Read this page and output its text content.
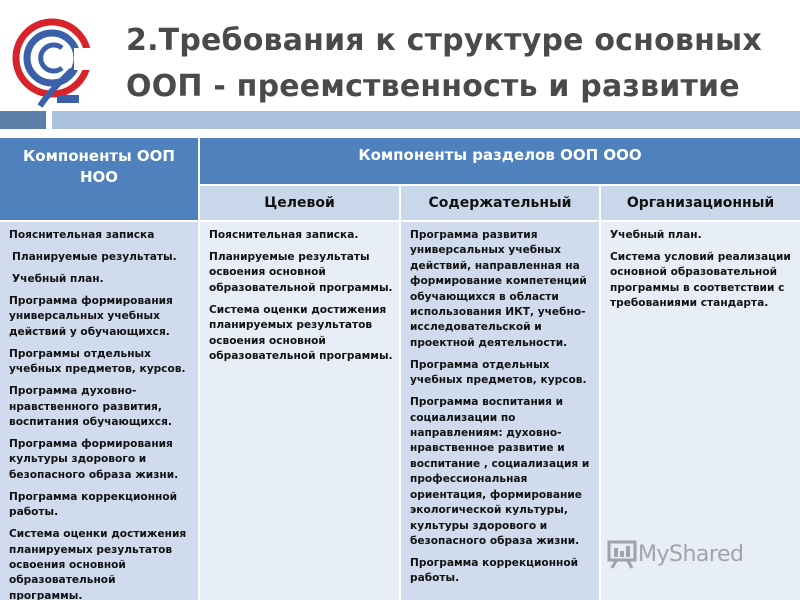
2.Требования к структуре основных
ООП - преемственность и развитие
Компоненты ООП
НОО
Компоненты разделов ООП ООО
Целевой	Содержательный	Организационный

Пояснительная записка

Планируемые результаты.

Учебный план.

Программа формирования универсальных учебных действий у обучающихся.

Программы отдельных учебных предметов, курсов.

Программа духовно-нравственного развития, воспитания обучающихся.

Программа формирования культуры здорового и безопасного образа жизни.

Программа коррекционной работы.

Система оценки достижения планируемых результатов освоения основной образовательной программы.

Пояснительная записка.

Планируемые результаты освоения основной образовательной программы.

Система оценки достижения планируемых результатов освоения основной образовательной программы.

Программа развития универсальных учебных действий, направленная на формирование компетенций обучающихся в области использования ИКТ, учебно-исследовательской и проектной деятельности.

Программа отдельных учебных предметов, курсов.

Программа воспитания и социализации по направлениям: духовно-нравственное развитие и воспитание , социализация и профессиональная ориентация, формирование экологической культуры, культуры здорового и безопасного образа жизни.

Программа коррекционной работы.

Учебный план.

Система условий реализации основной образовательной программы в соответствии с требованиями стандарта.

MyShared
